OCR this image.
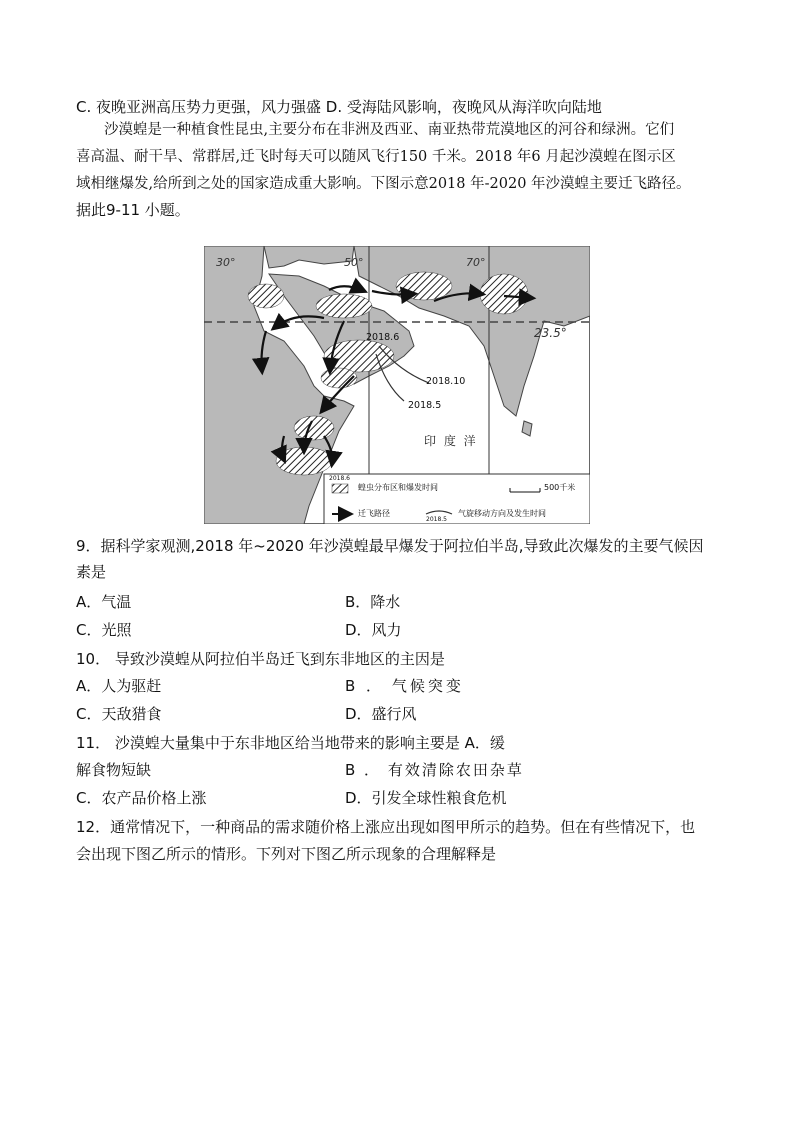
C. 夜晚亚洲高压势力更强，风力强盛 D. 受海陆风影响，夜晚风从海洋吹向陆地
沙漠蝗是一种植食性昆虫,主要分布在非洲及西亚、南亚热带荒漠地区的河谷和绿洲。它们
喜高温、耐干旱、常群居,迁飞时每天可以随风飞行150 千米。2018 年6 月起沙漠蝗在图示区
域相继爆发,给所到之处的国家造成重大影响。下图示意2018 年-2020 年沙漠蝗主要迁飞路径。
据此9-11 小题。
30°	50°	70°
23.5°
印 度 洋
2018.6
2018.10
2018.5
2018.6
蝗虫分布区和爆发时间	500千米
迁飞路径
2018.5
气旋移动方向及发生时间
9．据科学家观测,2018 年~2020 年沙漠蝗最早爆发于阿拉伯半岛,导致此次爆发的主要气候因
素是
A．气温	B．降水
C．光照	D．风力
10． 导致沙漠蝗从阿拉伯半岛迁飞到东非地区的主因是
A．人为驱赶	B ． 气候突变
C．天敌猎食	D．盛行风
11． 沙漠蝗大量集中于东非地区给当地带来的影响主要是 A．缓
解食物短缺	B ． 有效清除农田杂草
C．农产品价格上涨	D．引发全球性粮食危机
12．通常情况下，一种商品的需求随价格上涨应出现如图甲所示的趋势。但在有些情况下，也
会出现下图乙所示的情形。下列对下图乙所示现象的合理解释是
